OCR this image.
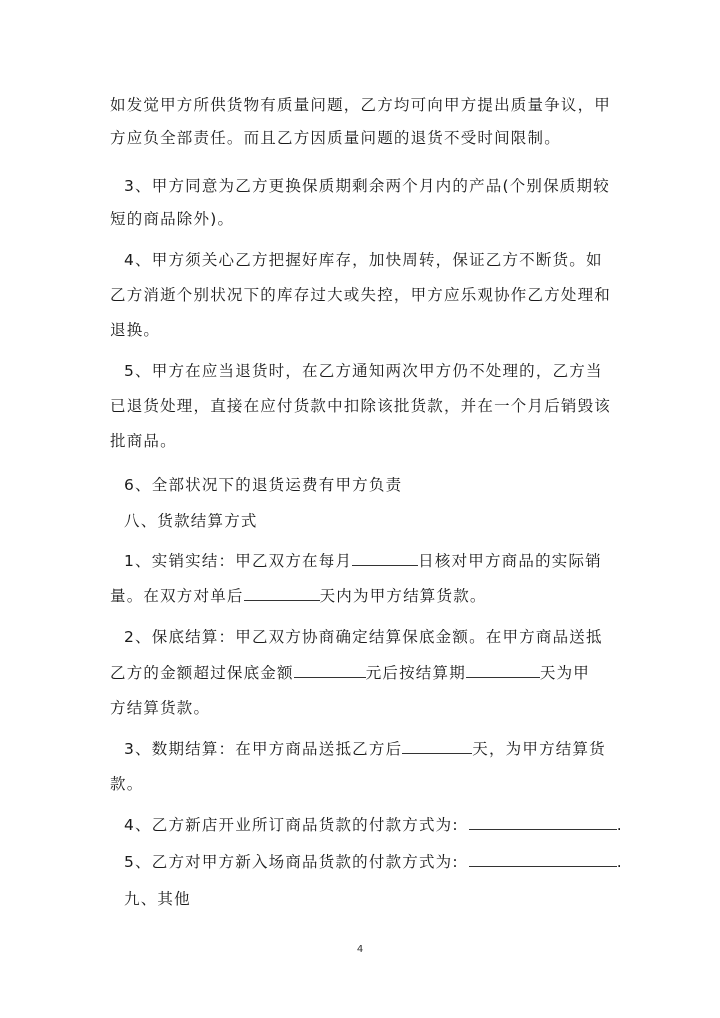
如发觉甲方所供货物有质量问题，乙方均可向甲方提出质量争议，甲
方应负全部责任。而且乙方因质量问题的退货不受时间限制。
3、甲方同意为乙方更换保质期剩余两个月内的产品(个别保质期较
短的商品除外)。
4、甲方须关心乙方把握好库存，加快周转，保证乙方不断货。如
乙方消逝个别状况下的库存过大或失控，甲方应乐观协作乙方处理和
退换。
5、甲方在应当退货时，在乙方通知两次甲方仍不处理的，乙方当
已退货处理，直接在应付货款中扣除该批货款，并在一个月后销毁该
批商品。
6、全部状况下的退货运费有甲方负责
八、货款结算方式
1、实销实结：甲乙双方在每月	日核对甲方商品的实际销
量。在双方对单后	天内为甲方结算货款。
2、保底结算：甲乙双方协商确定结算保底金额。在甲方商品送抵
乙方的金额超过保底金额	元后按结算期	天为甲
方结算货款。
3、数期结算：在甲方商品送抵乙方后	天，为甲方结算货
款。
4、乙方新店开业所订商品货款的付款方式为:	.
5、乙方对甲方新入场商品货款的付款方式为:	.
九、其他
4
